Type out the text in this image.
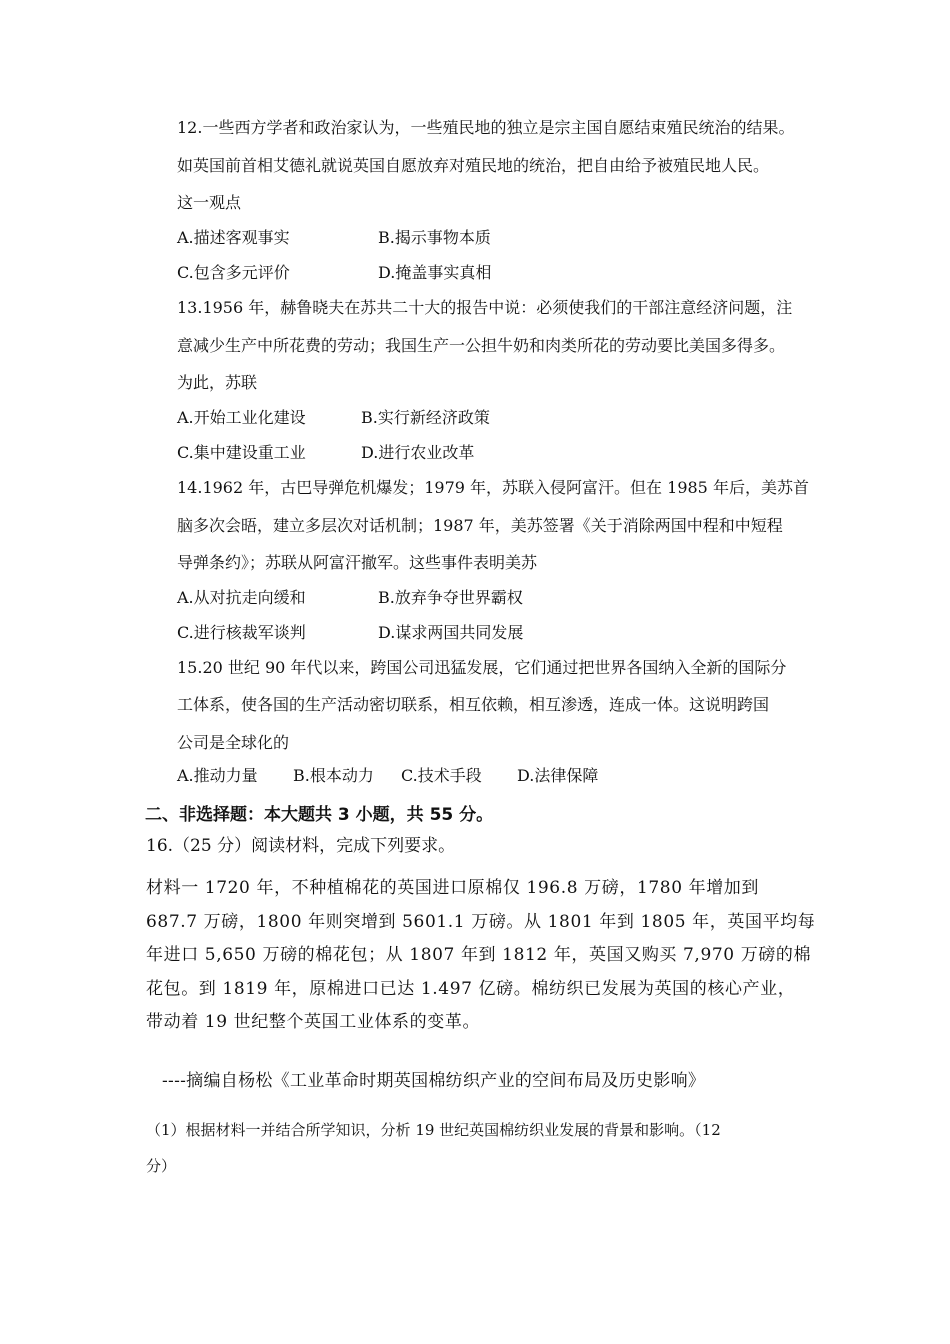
12.一些西方学者和政治家认为，一些殖民地的独立是宗主国自愿结束殖民统治的结果。
如英国前首相艾德礼就说英国自愿放弃对殖民地的统治，把自由给予被殖民地人民。
这一观点
A.描述客观事实	B.揭示事物本质
C.包含多元评价	D.掩盖事实真相
13.1956 年，赫鲁晓夫在苏共二十大的报告中说：必须使我们的干部注意经济问题，注
意减少生产中所花费的劳动；我国生产一公担牛奶和肉类所花的劳动要比美国多得多。
为此，苏联
A.开始工业化建设	B.实行新经济政策
C.集中建设重工业	D.进行农业改革
14.1962 年，古巴导弹危机爆发；1979 年，苏联入侵阿富汗。但在 1985 年后，美苏首
脑多次会晤，建立多层次对话机制；1987 年，美苏签署《关于消除两国中程和中短程
导弹条约》；苏联从阿富汗撤军。这些事件表明美苏
A.从对抗走向缓和	B.放弃争夺世界霸权
C.进行核裁军谈判	D.谋求两国共同发展
15.20 世纪 90 年代以来，跨国公司迅猛发展，它们通过把世界各国纳入全新的国际分
工体系，使各国的生产活动密切联系，相互依赖，相互渗透，连成一体。这说明跨国
公司是全球化的
A.推动力量 B.根本动力 C.技术手段 D.法律保障
二、非选择题：本大题共 3 小题，共 55 分。
16.（25 分）阅读材料，完成下列要求。
材料一 1720 年，不种植棉花的英国进口原棉仅 196.8 万磅，1780 年增加到
687.7 万磅，1800 年则突增到 5601.1 万磅。从 1801 年到 1805 年，英国平均每
年进口 5,650 万磅的棉花包；从 1807 年到 1812 年，英国又购买 7,970 万磅的棉
花包。到 1819 年，原棉进口已达 1.497 亿磅。棉纺织已发展为英国的核心产业，
带动着 19 世纪整个英国工业体系的变革。
----摘编自杨松《工业革命时期英国棉纺织产业的空间布局及历史影响》
（1）根据材料一并结合所学知识，分析 19 世纪英国棉纺织业发展的背景和影响。（12
分）
